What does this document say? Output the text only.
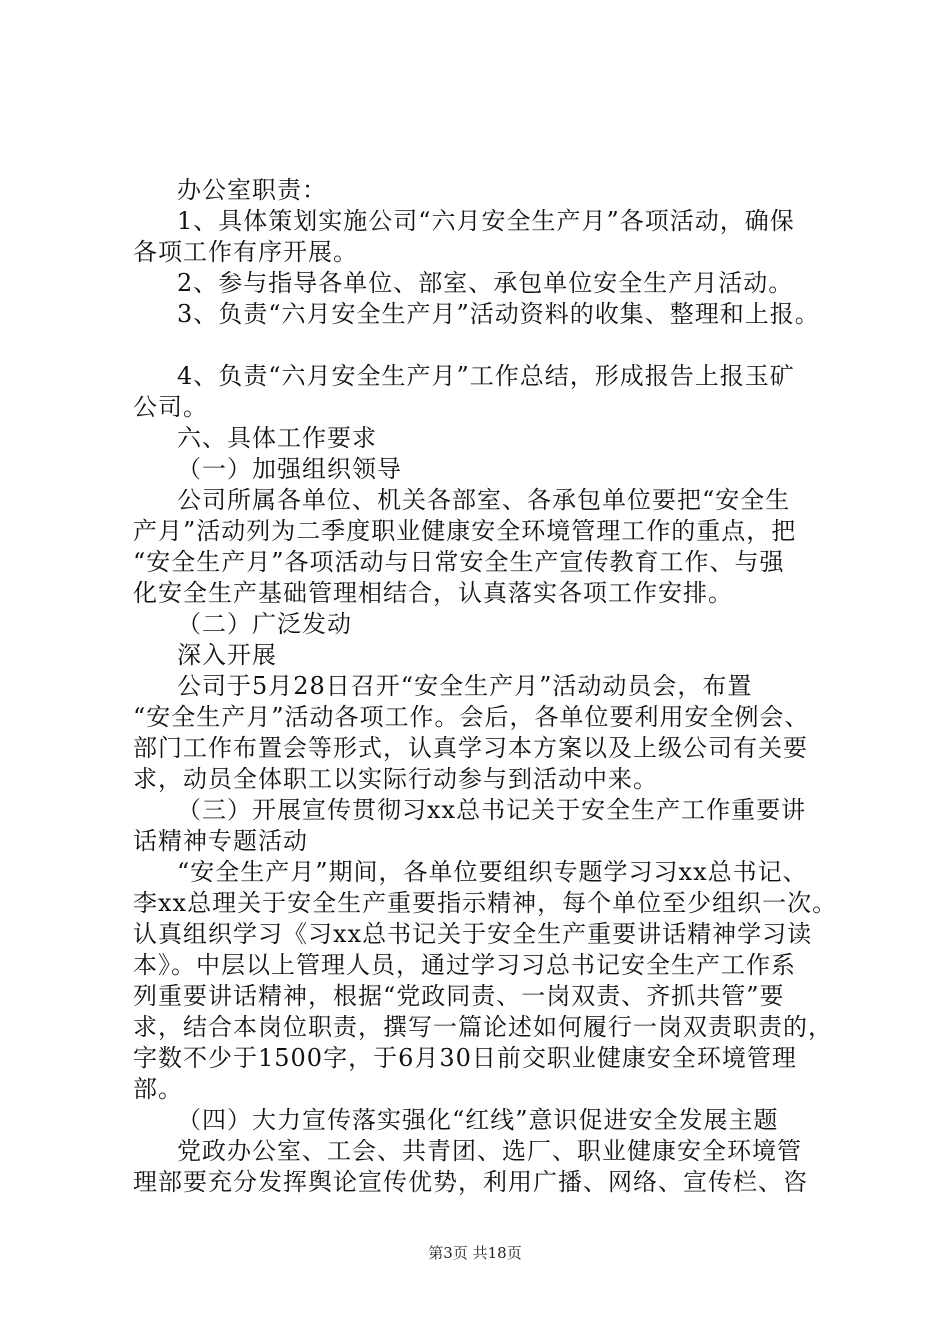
办公室职责：
1、具体策划实施公司“六月安全生产月”各项活动，确保
各项工作有序开展。
2、参与指导各单位、部室、承包单位安全生产月活动。
3、负责“六月安全生产月”活动资料的收集、整理和上报。
4、负责“六月安全生产月”工作总结，形成报告上报玉矿
公司。
六、具体工作要求
（一）加强组织领导
公司所属各单位、机关各部室、各承包单位要把“安全生
产月”活动列为二季度职业健康安全环境管理工作的重点，把
“安全生产月”各项活动与日常安全生产宣传教育工作、与强
化安全生产基础管理相结合，认真落实各项工作安排。
（二）广泛发动
深入开展
公司于5月28日召开“安全生产月”活动动员会，布置
“安全生产月”活动各项工作。会后，各单位要利用安全例会、
部门工作布置会等形式，认真学习本方案以及上级公司有关要
求，动员全体职工以实际行动参与到活动中来。
（三）开展宣传贯彻习xx总书记关于安全生产工作重要讲
话精神专题活动
“安全生产月”期间，各单位要组织专题学习习xx总书记、
李xx总理关于安全生产重要指示精神，每个单位至少组织一次。
认真组织学习《习xx总书记关于安全生产重要讲话精神学习读
本》。中层以上管理人员，通过学习习总书记安全生产工作系
列重要讲话精神，根据“党政同责、一岗双责、齐抓共管”要
求，结合本岗位职责，撰写一篇论述如何履行一岗双责职责的，
字数不少于1500字，于6月30日前交职业健康安全环境管理
部。
（四）大力宣传落实强化“红线”意识促进安全发展主题
党政办公室、工会、共青团、选厂、职业健康安全环境管
理部要充分发挥舆论宣传优势，利用广播、网络、宣传栏、咨
第3页 共18页
